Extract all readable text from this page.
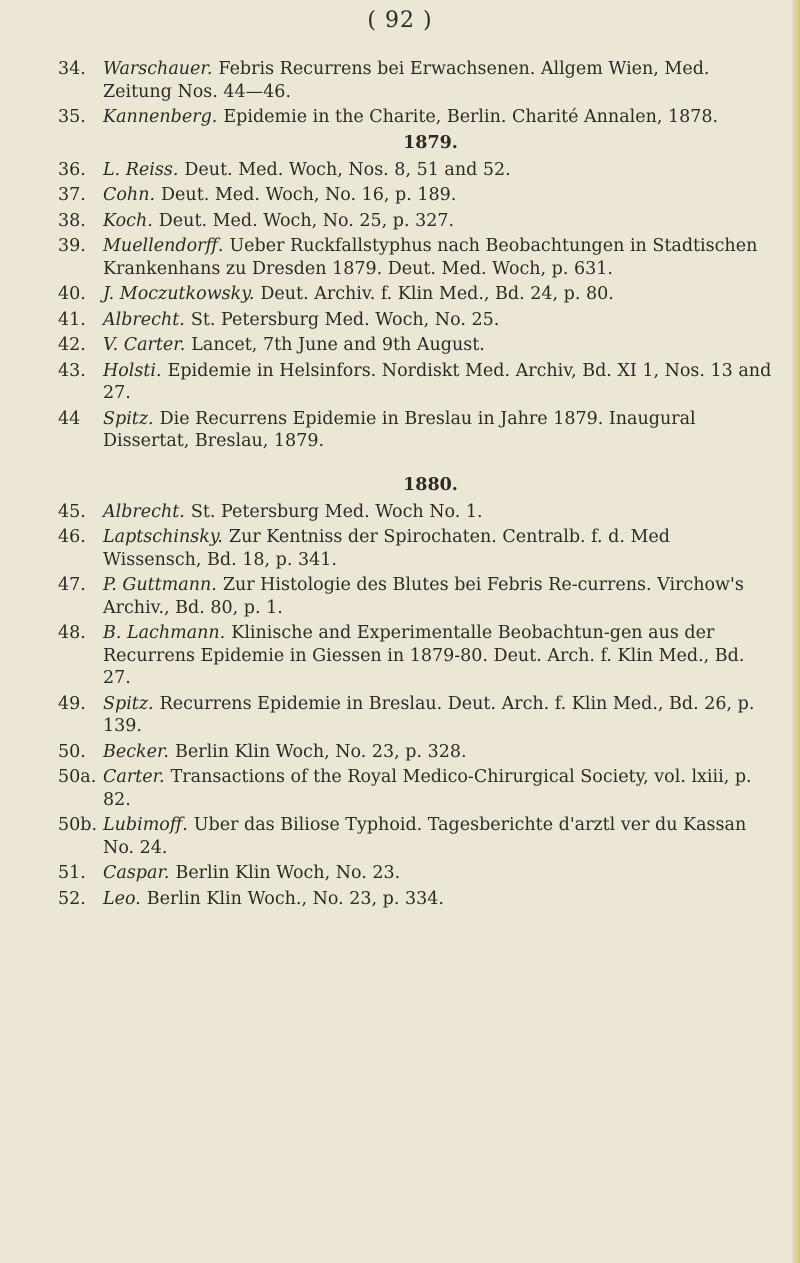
( 92 )
34. Warschauer. Febris Recurrens bei Erwachsenen. Allgem Wien, Med. Zeitung Nos. 44—46.
35. Kannenberg. Epidemie in the Charite, Berlin. Charité Annalen, 1878.
1879.
36. L. Reiss. Deut. Med. Woch, Nos. 8, 51 and 52.
37. Cohn. Deut. Med. Woch, No. 16, p. 189.
38. Koch. Deut. Med. Woch, No. 25, p. 327.
39. Muellendorff. Ueber Ruckfallstyphus nach Beobachtungen in Stadtischen Krankenhans zu Dresden 1879. Deut. Med. Woch, p. 631.
40. J. Moczutkowsky. Deut. Archiv. f. Klin Med., Bd. 24, p. 80.
41. Albrecht. St. Petersburg Med. Woch, No. 25.
42. V. Carter. Lancet, 7th June and 9th August.
43. Holsti. Epidemie in Helsinfors. Nordiskt Med. Archiv, Bd. XI 1, Nos. 13 and 27.
44	Spitz. Die Recurrens Epidemie in Breslau in Jahre 1879. Inaugural Dissertat, Breslau, 1879.
1880.
45. Albrecht. St. Petersburg Med. Woch No. 1.
46. Laptschinsky. Zur Kentniss der Spirochaten. Centralb. f. d. Med Wissensch, Bd. 18, p. 341.
47. P. Guttmann. Zur Histologie des Blutes bei Febris Re-currens. Virchow's Archiv., Bd. 80, p. 1.
48. B. Lachmann. Klinische and Experimentalle Beobachtun-gen aus der Recurrens Epidemie in Giessen in 1879-80. Deut. Arch. f. Klin Med., Bd. 27.
49. Spitz. Recurrens Epidemie in Breslau. Deut. Arch. f. Klin Med., Bd. 26, p. 139.
50. Becker. Berlin Klin Woch, No. 23, p. 328.
50a. Carter. Transactions of the Royal Medico-Chirurgical Society, vol. lxiii, p. 82.
50b. Lubimoff. Uber das Biliose Typhoid. Tagesberichte d'arztl ver du Kassan No. 24.
51. Caspar. Berlin Klin Woch, No. 23.
52. Leo. Berlin Klin Woch., No. 23, p. 334.
